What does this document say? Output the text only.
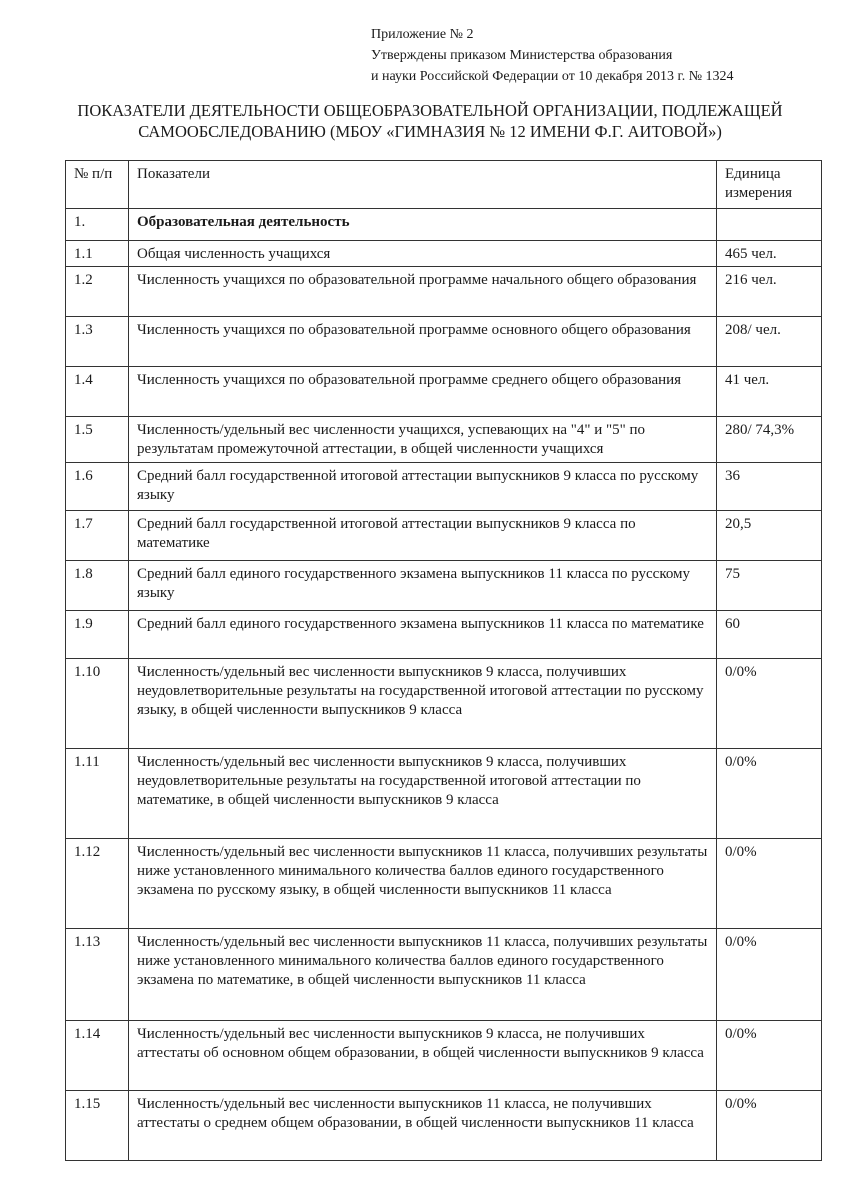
Приложение № 2
Утверждены приказом Министерства образования
и науки Российской Федерации от 10 декабря 2013 г. № 1324
ПОКАЗАТЕЛИ ДЕЯТЕЛЬНОСТИ ОБЩЕОБРАЗОВАТЕЛЬНОЙ ОРГАНИЗАЦИИ, ПОДЛЕЖАЩЕЙ
САМООБСЛЕДОВАНИЮ (МБОУ «ГИМНАЗИЯ № 12 ИМЕНИ Ф.Г. АИТОВОЙ»)
№ п/п	Показатели	Единица измерения
1.	Образовательная деятельность	
1.1	Общая численность учащихся	465 чел.
1.2	Численность учащихся по образовательной программе начального общего образования	216 чел.
1.3	Численность учащихся по образовательной программе основного общего образования	208/ чел.
1.4	Численность учащихся по образовательной программе среднего общего образования	41 чел.
1.5	Численность/удельный вес численности учащихся, успевающих на "4" и "5" по результатам промежуточной аттестации, в общей численности учащихся	280/ 74,3%
1.6	Средний балл государственной итоговой аттестации выпускников 9 класса по русскому языку	36
1.7	Средний балл государственной итоговой аттестации выпускников 9 класса по математике	20,5
1.8	Средний балл единого государственного экзамена выпускников 11 класса по русскому языку	75
1.9	Средний балл единого государственного экзамена выпускников 11 класса по математике	60
1.10	Численность/удельный вес численности выпускников 9 класса, получивших неудовлетворительные результаты на государственной итоговой аттестации по русскому языку, в общей численности выпускников 9 класса	0/0%
1.11	Численность/удельный вес численности выпускников 9 класса, получивших неудовлетворительные результаты на государственной итоговой аттестации по математике, в общей численности выпускников 9 класса	0/0%
1.12	Численность/удельный вес численности выпускников 11 класса, получивших результаты ниже установленного минимального количества баллов единого государственного экзамена по русскому языку, в общей численности выпускников 11 класса	0/0%
1.13	Численность/удельный вес численности выпускников 11 класса, получивших результаты ниже установленного минимального количества баллов единого государственного экзамена по математике, в общей численности выпускников 11 класса	0/0%
1.14	Численность/удельный вес численности выпускников 9 класса, не получивших аттестаты об основном общем образовании, в общей численности выпускников 9 класса	0/0%
1.15	Численность/удельный вес численности выпускников 11 класса, не получивших аттестаты о среднем общем образовании, в общей численности выпускников 11 класса	0/0%
